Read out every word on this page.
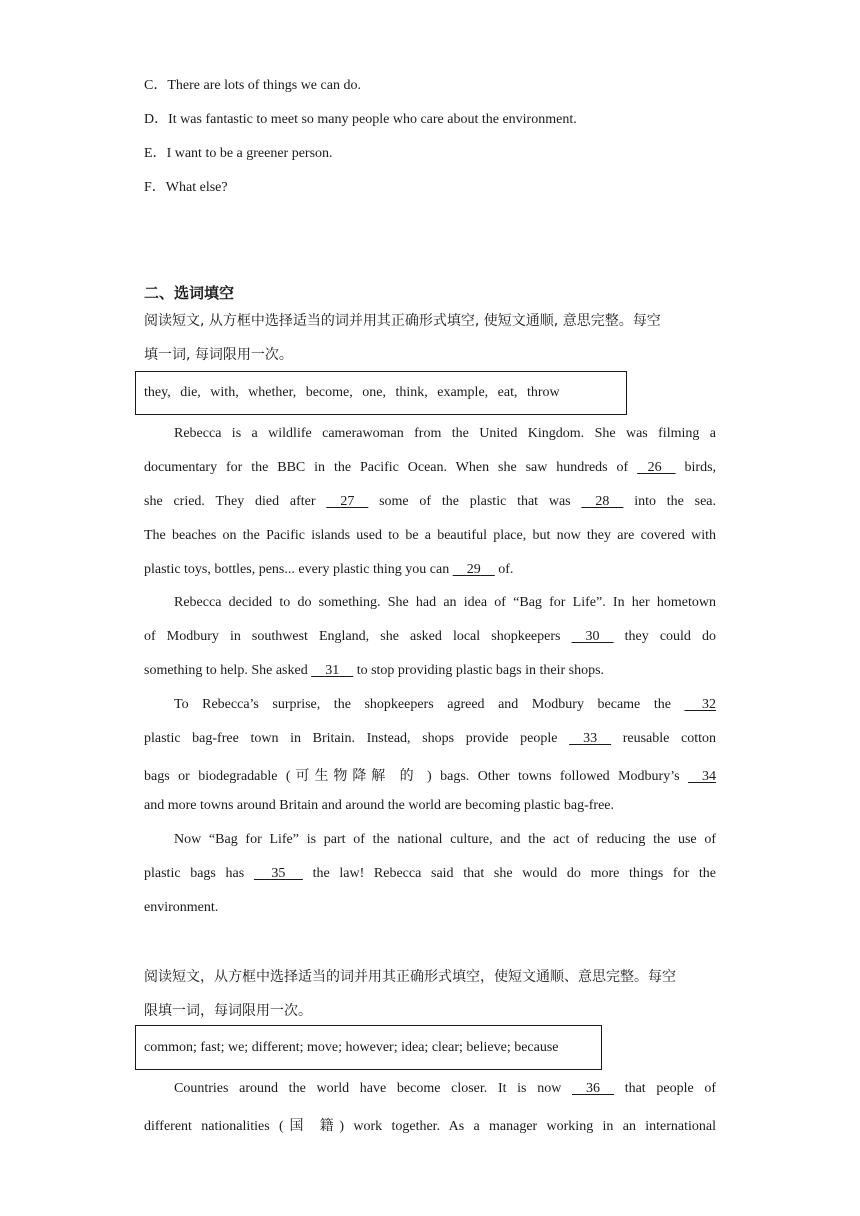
C．There are lots of things we can do.
D．It was fantastic to meet so many people who care about the environment.
E．I want to be a greener person.
F．What else?
二、选词填空
阅读短文, 从方框中选择适当的词并用其正确形式填空, 使短文通顺, 意思完整。每空
填一词, 每词限用一次。
they, die, with, whether, become, one, think, example, eat, throw
Rebecca is a wildlife camerawoman from the United Kingdom. She was filming a
documentary for the BBC in the Pacific Ocean. When she saw hundreds of 26 birds,
she cried. They died after 27 some of the plastic that was 28 into the sea.
The beaches on the Pacific islands used to be a beautiful place, but now they are covered with
plastic toys, bottles, pens... every plastic thing you can 29 of.
Rebecca decided to do something. She had an idea of “Bag for Life”. In her hometown
of Modbury in southwest England, she asked local shopkeepers 30 they could do
something to help. She asked 31 to stop providing plastic bags in their shops.
To Rebecca’s surprise, the shopkeepers agreed and Modbury became the 32
plastic bag-free town in Britain. Instead, shops provide people 33 reusable cotton
bags or biodegradable (可生物降解 的 ) bags. Other towns followed Modbury’s 34
and more towns around Britain and around the world are becoming plastic bag-free.
Now “Bag for Life” is part of the national culture, and the act of reducing the use of
plastic bags has 35 the law! Rebecca said that she would do more things for the
environment.
阅读短文，从方框中选择适当的词并用其正确形式填空，使短文通顺、意思完整。每空
限填一词，每词限用一次。
common; fast; we; different; move; however; idea; clear; believe; because
Countries around the world have become closer. It is now 36 that people of
different nationalities (国 籍) work together. As a manager working in an international
